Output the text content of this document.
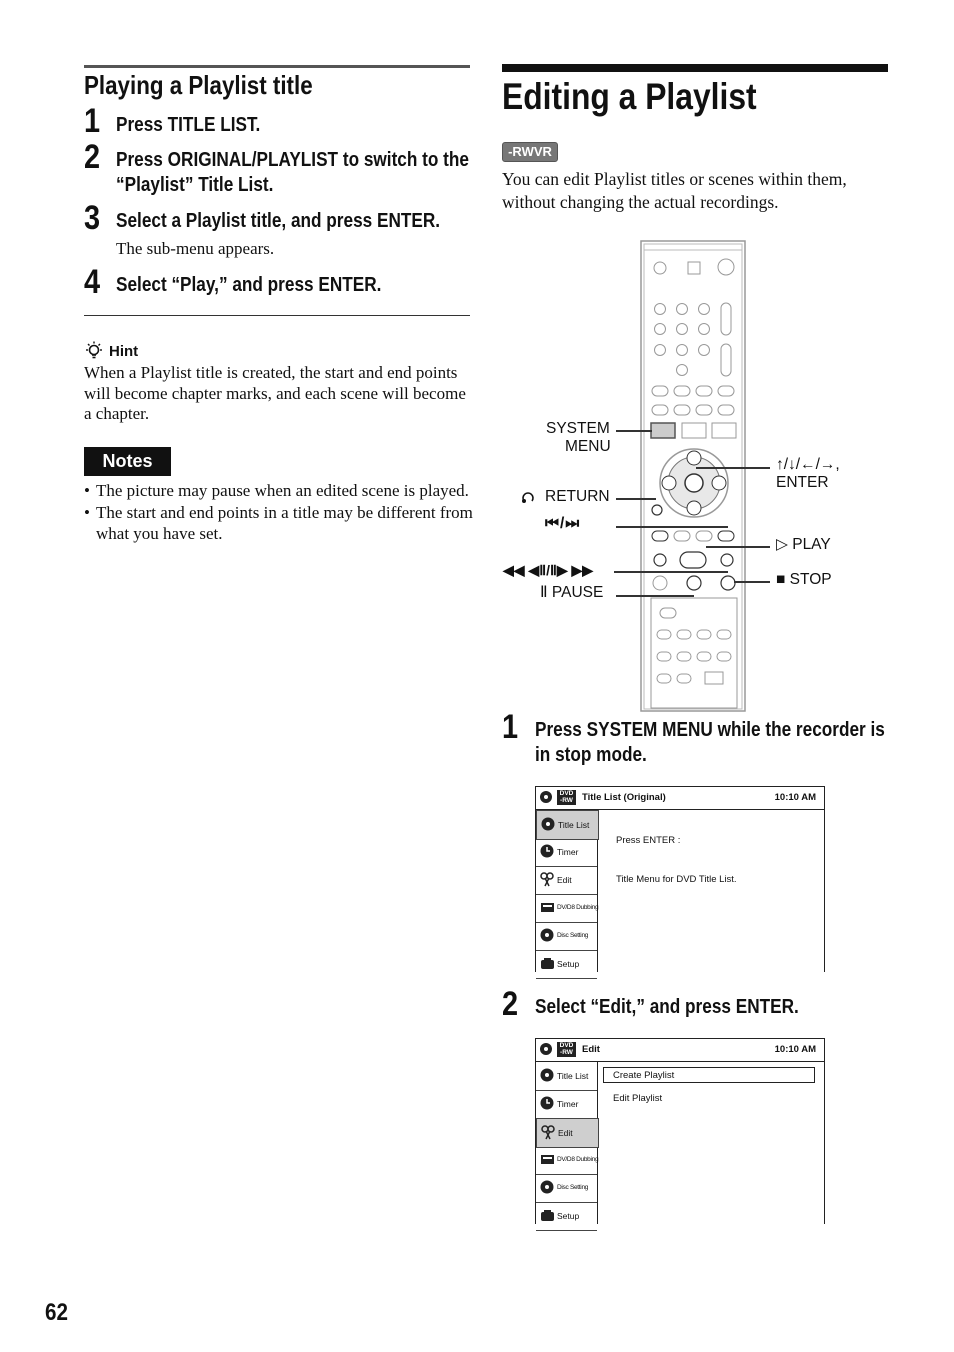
Playing a Playlist title
1 Press TITLE LIST.
2 Press ORIGINAL/PLAYLIST to switch to the
“Playlist” Title List.
3 Select a Playlist title, and press ENTER.
The sub-menu appears.
4 Select “Play,” and press ENTER.
Hint
When a Playlist title is created, the start and end points will become chapter marks, and each scene will become a chapter.
Notes
• The picture may pause when an edited scene is played.
• The start and end points in a title may be different from what you have set.
62
Editing a Playlist
-RWVR
You can edit Playlist titles or scenes within them, without changing the actual recordings.
SYSTEM
MENU
↑/↓/←/→,
ENTER
RETURN
⏮/⏭
▷ PLAY
◀◀ ◀Ⅱ/Ⅱ▶ ▶▶
■ STOP
Ⅱ PAUSE
1 Press SYSTEM MENU while the recorder is
in stop mode.
DVD
-RW Title List (Original)	10:10 AM
Title List
Timer
Edit
DV/D8 Dubbing
Disc Setting
Setup
Press ENTER :
Title Menu for DVD Title List.
2 Select “Edit,” and press ENTER.
DVD
-RW Edit	10:10 AM
Title List
Timer
Edit
DV/D8 Dubbing
Disc Setting
Setup
Create Playlist
Edit Playlist
